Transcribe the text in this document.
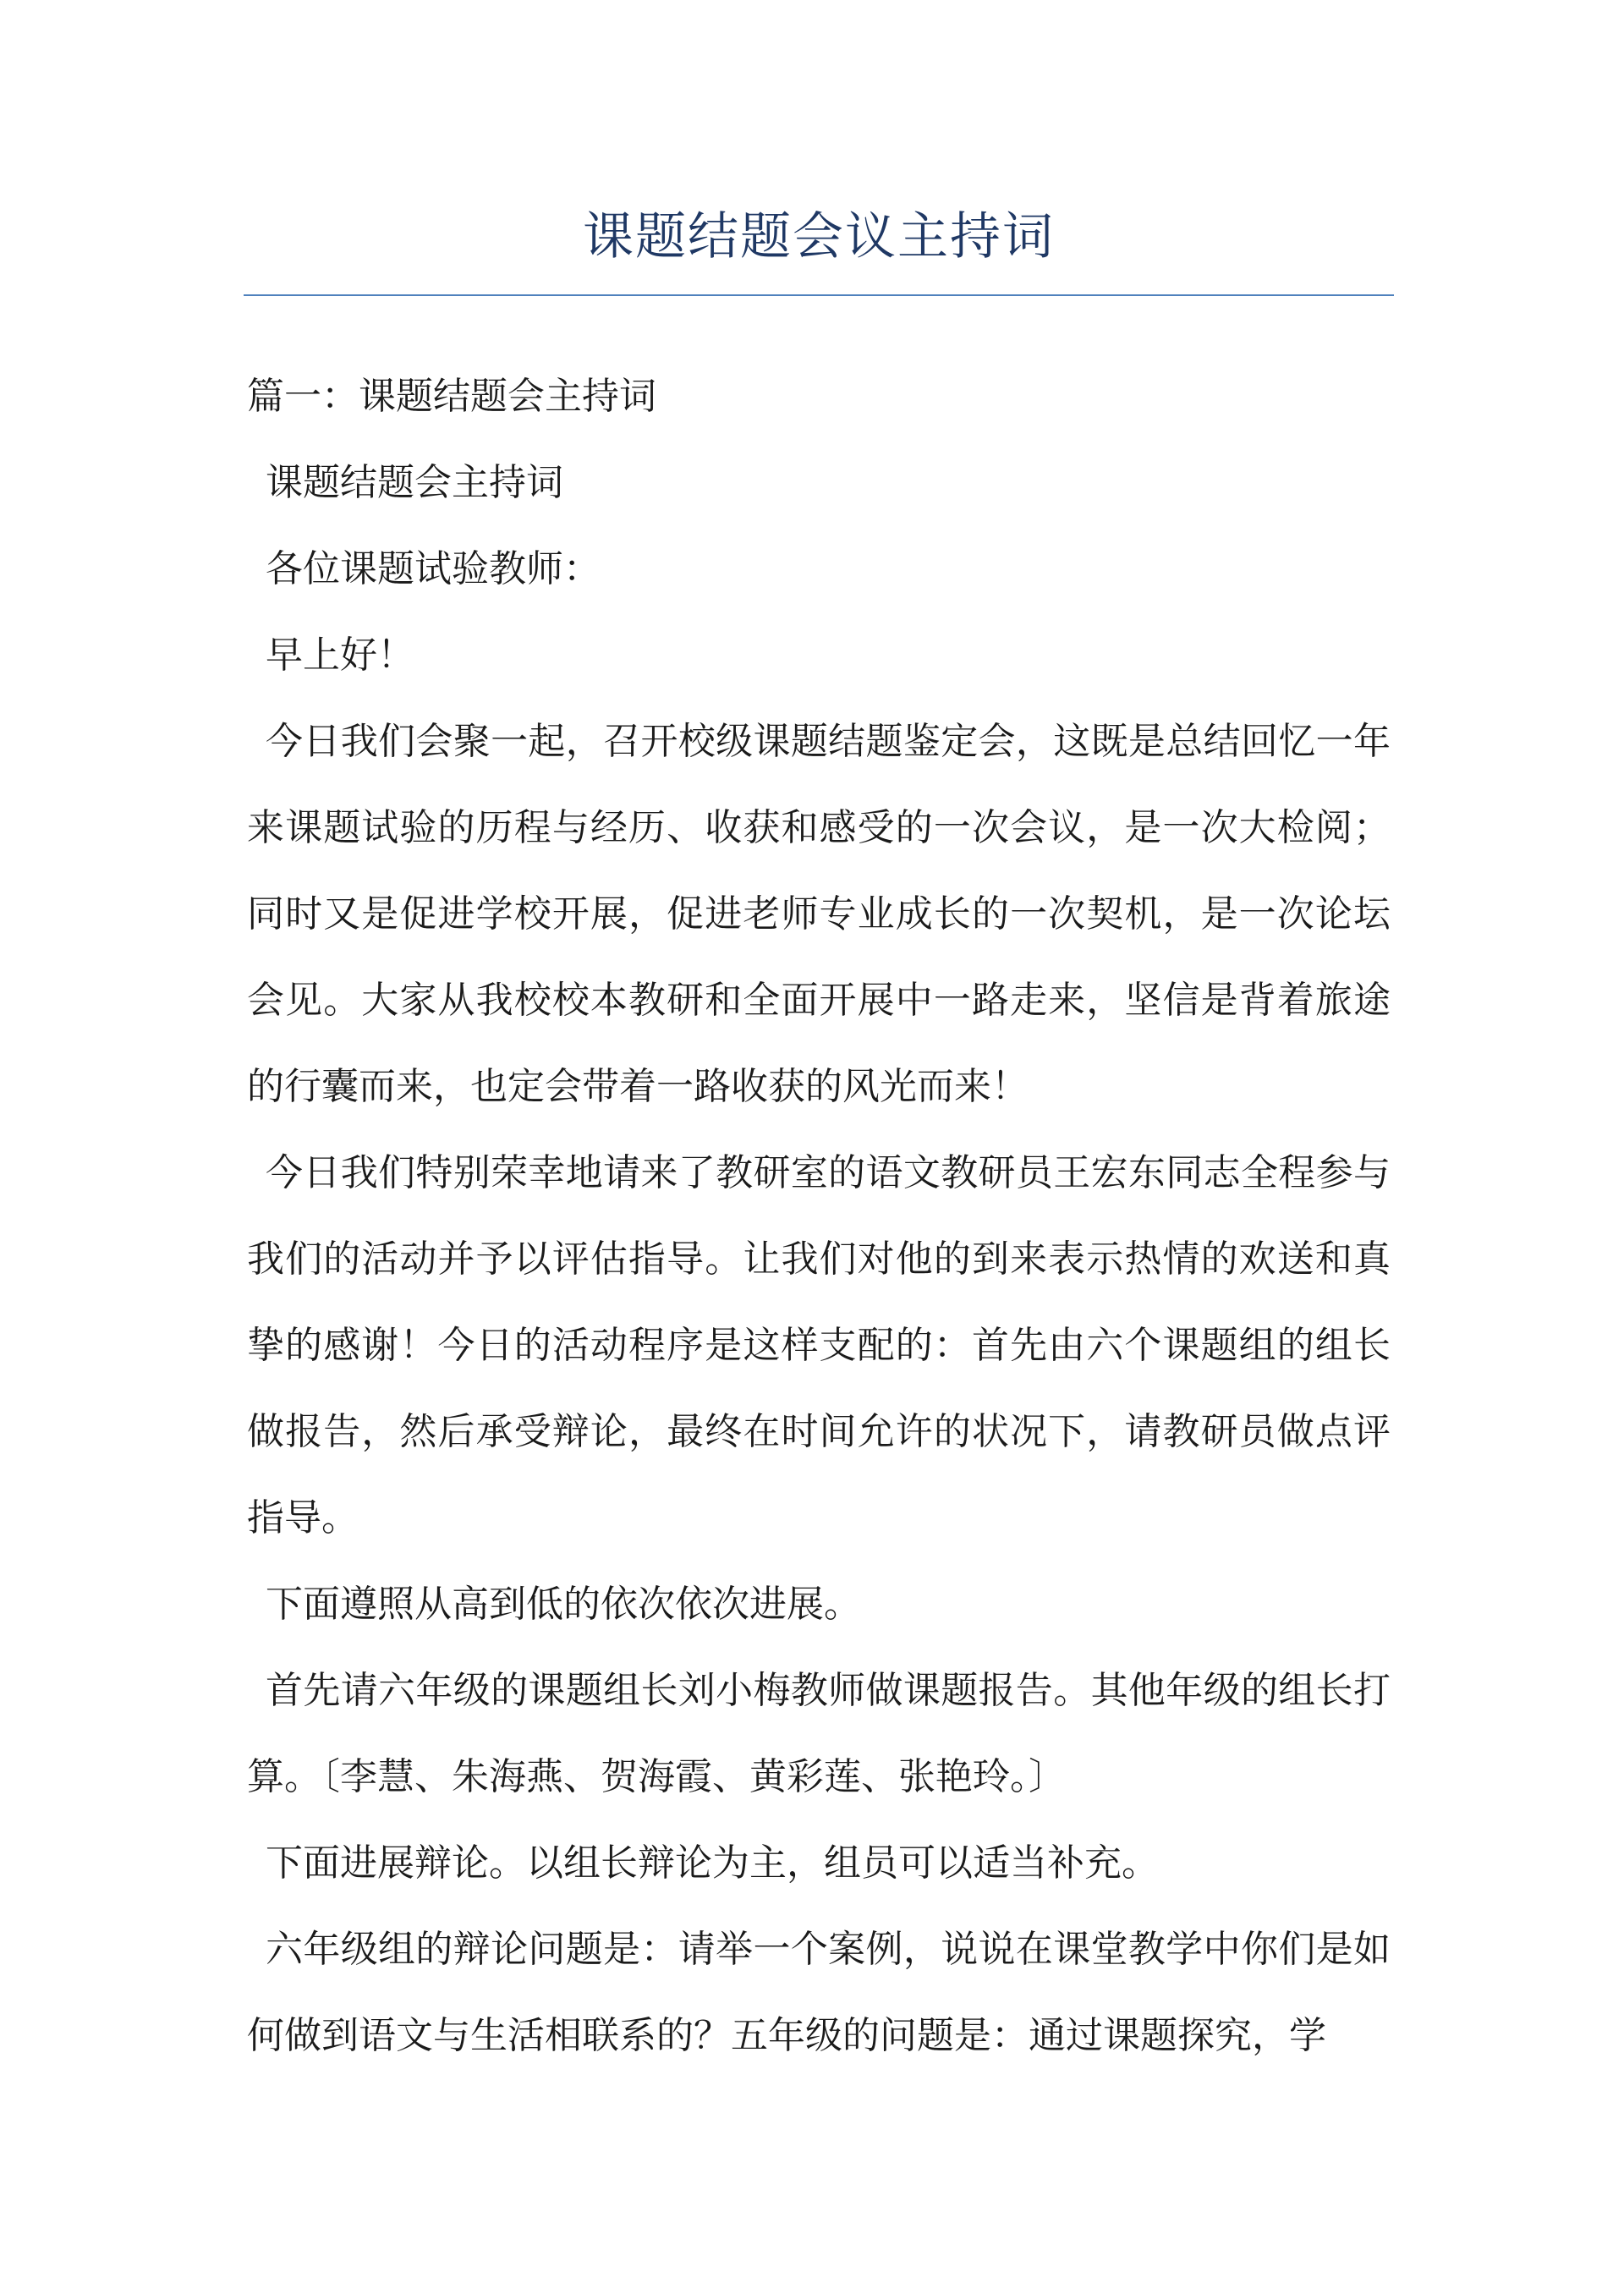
课题结题会议主持词

篇一：课题结题会主持词

课题结题会主持词

各位课题试验教师：

早上好！

今日我们会聚一起，召开校级课题结题鉴定会，这既是总结回忆一年来课题试验的历程与经历、收获和感受的一次会议，是一次大检阅；同时又是促进学校开展，促进老师专业成长的一次契机，是一次论坛会见。大家从我校校本教研和全面开展中一路走来，坚信是背着旅途的行囊而来，也定会带着一路收获的风光而来！

今日我们特别荣幸地请来了教研室的语文教研员王宏东同志全程参与我们的活动并予以评估指导。让我们对他的到来表示热情的欢送和真挚的感谢！今日的活动程序是这样支配的：首先由六个课题组的组长做报告，然后承受辩论，最终在时间允许的状况下，请教研员做点评指导。

下面遵照从高到低的依次依次进展。

首先请六年级的课题组长刘小梅教师做课题报告。其他年级的组长打算。〔李慧、朱海燕、贺海霞、黄彩莲、张艳玲。〕

下面进展辩论。以组长辩论为主，组员可以适当补充。

六年级组的辩论问题是：请举一个案例，说说在课堂教学中你们是如何做到语文与生活相联系的？五年级的问题是：通过课题探究，学
